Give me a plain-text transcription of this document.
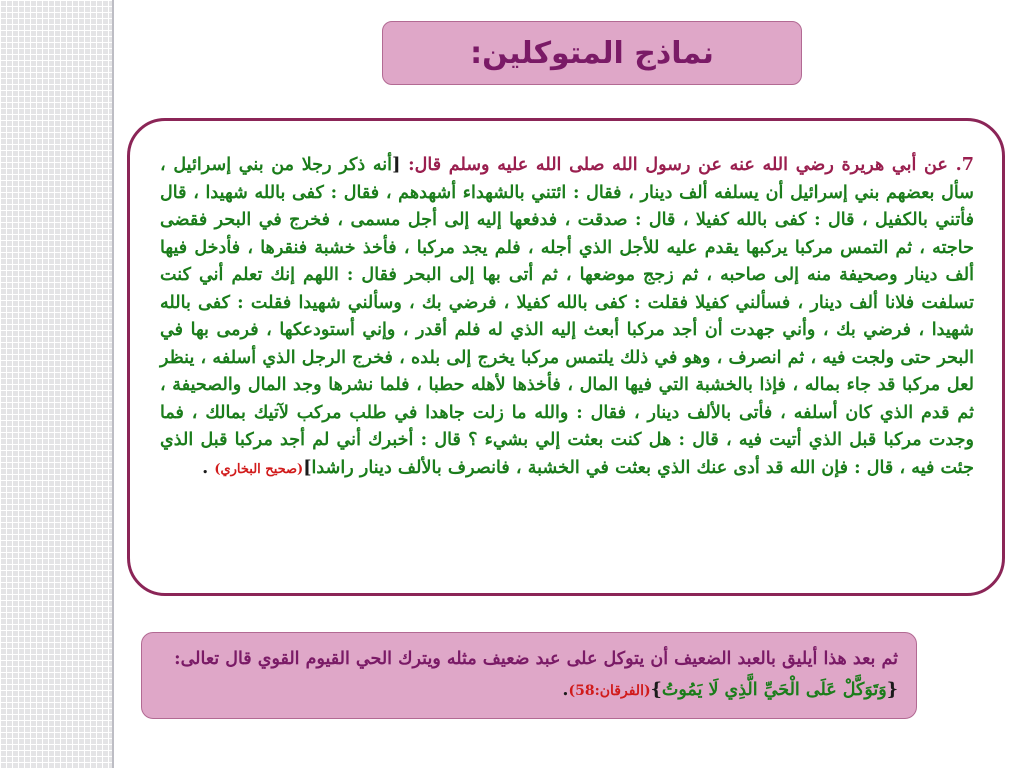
نماذج المتوكلين:
7. عن أبي هريرة رضي الله عنه عن رسول الله صلى الله عليه وسلم قال: [أنه ذكر رجلا من بني إسرائيل ، سأل بعضهم بني إسرائيل أن يسلفه ألف دينار ، فقال : ائتني بالشهداء أشهدهم ، فقال : كفى بالله شهيدا ، قال فأتني بالكفيل ، قال : كفى بالله كفيلا ، قال : صدقت ، فدفعها إليه إلى أجل مسمى ، فخرج في البحر فقضى حاجته ، ثم التمس مركبا يركبها يقدم عليه للأجل الذي أجله ، فلم يجد مركبا ، فأخذ خشبة فنقرها ، فأدخل فيها ألف دينار وصحيفة منه إلى صاحبه ، ثم زجج موضعها ، ثم أتى بها إلى البحر فقال : اللهم إنك تعلم أني كنت تسلفت فلانا ألف دينار ، فسألني كفيلا فقلت : كفى بالله كفيلا ، فرضي بك ، وسألني شهيدا فقلت : كفى بالله شهيدا ، فرضي بك ، وأني جهدت أن أجد مركبا أبعث إليه الذي له فلم أقدر ، وإني أستودعكها ، فرمى بها في البحر حتى ولجت فيه ، ثم انصرف ، وهو في ذلك يلتمس مركبا يخرج إلى بلده ، فخرج الرجل الذي أسلفه ، ينظر لعل مركبا قد جاء بماله ، فإذا بالخشبة التي فيها المال ، فأخذها لأهله حطبا ، فلما نشرها وجد المال والصحيفة ، ثم قدم الذي كان أسلفه ، فأتى بالألف دينار ، فقال : والله ما زلت جاهدا في طلب مركب لآتيك بمالك ، فما وجدت مركبا قبل الذي أتيت فيه ، قال : هل كنت بعثت إلي بشيء ؟ قال : أخبرك أني لم أجد مركبا قبل الذي جئت فيه ، قال : فإن الله قد أدى عنك الذي بعثت في الخشبة ، فانصرف بالألف دينار راشدا](صحيح البخاري) .
ثم بعد هذا أيليق بالعبد الضعيف أن يتوكل على عبد ضعيف مثله ويترك الحي القيوم القوي قال تعالى: {وَتَوَكَّلْ عَلَى الْحَيِّ الَّذِي لَا يَمُوتُ}(الفرقان:58).
